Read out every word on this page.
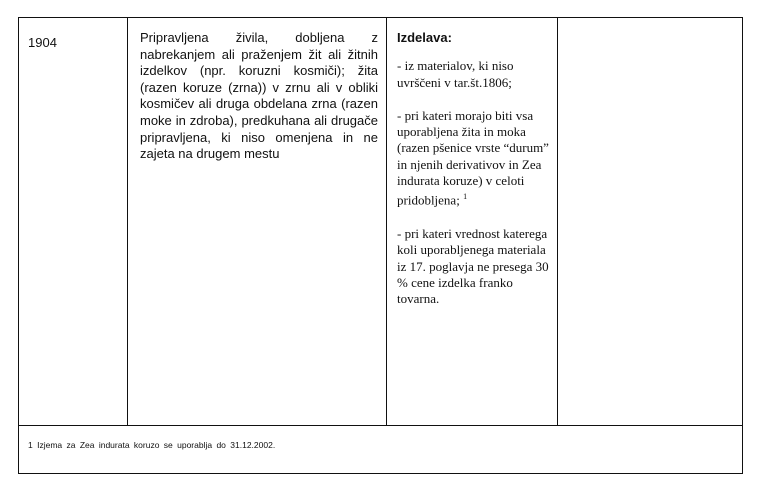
1904	Pripravljena živila, dobljena z nabrekanjem ali praženjem žit ali žitnih izdelkov (npr. koruzni kosmiči); žita (razen koruze (zrna)) v zrnu ali v obliki kosmičev ali druga obdelana zrna (razen moke in zdroba), predkuhana ali drugače pripravljena, ki niso omenjena in ne zajeta na drugem mestu

Izdelava:

- iz materialov, ki niso uvrščeni v tar.št.1806;

- pri kateri morajo biti vsa uporabljena žita in moka (razen pšenice vrste “durum” in njenih derivativov in Zea indurata koruze) v celoti pridobljena; $^1$

- pri kateri vrednost katerega koli uporabljenega materiala iz 17. poglavja ne presega 30 % cene izdelka franko tovarna.

1 Izjema za Zea indurata koruzo se uporablja do 31.12.2002.
